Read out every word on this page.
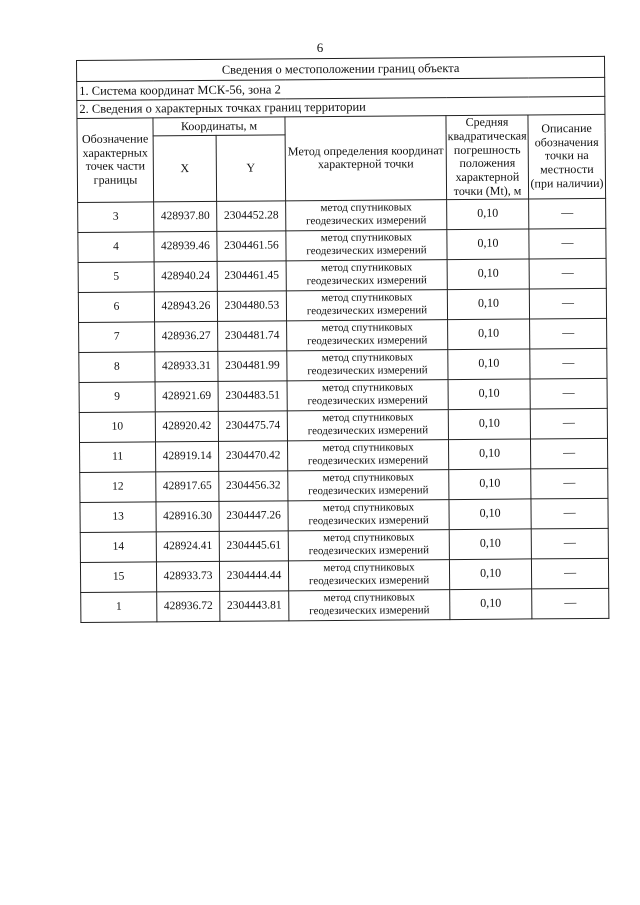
6
Сведения о местоположении границ объекта					
1. Система координат МСК-56, зона 2					
2. Сведения о характерных точках границ территории					
Обозначение характерных точек части границы	Координаты, м		Метод определения координат характерной точки	Средняя квадратическая погрешность положения характерной точки (Mt), м	Описание обозначения точки на местности (при наличии)
	X	Y			
3	428937.80	2304452.28	метод спутниковых геодезических измерений	0,10	—
4	428939.46	2304461.56	метод спутниковых геодезических измерений	0,10	—
5	428940.24	2304461.45	метод спутниковых геодезических измерений	0,10	—
6	428943.26	2304480.53	метод спутниковых геодезических измерений	0,10	—
7	428936.27	2304481.74	метод спутниковых геодезических измерений	0,10	—
8	428933.31	2304481.99	метод спутниковых геодезических измерений	0,10	—
9	428921.69	2304483.51	метод спутниковых геодезических измерений	0,10	—
10	428920.42	2304475.74	метод спутниковых геодезических измерений	0,10	—
11	428919.14	2304470.42	метод спутниковых геодезических измерений	0,10	—
12	428917.65	2304456.32	метод спутниковых геодезических измерений	0,10	—
13	428916.30	2304447.26	метод спутниковых геодезических измерений	0,10	—
14	428924.41	2304445.61	метод спутниковых геодезических измерений	0,10	—
15	428933.73	2304444.44	метод спутниковых геодезических измерений	0,10	—
1	428936.72	2304443.81	метод спутниковых геодезических измерений	0,10	—
